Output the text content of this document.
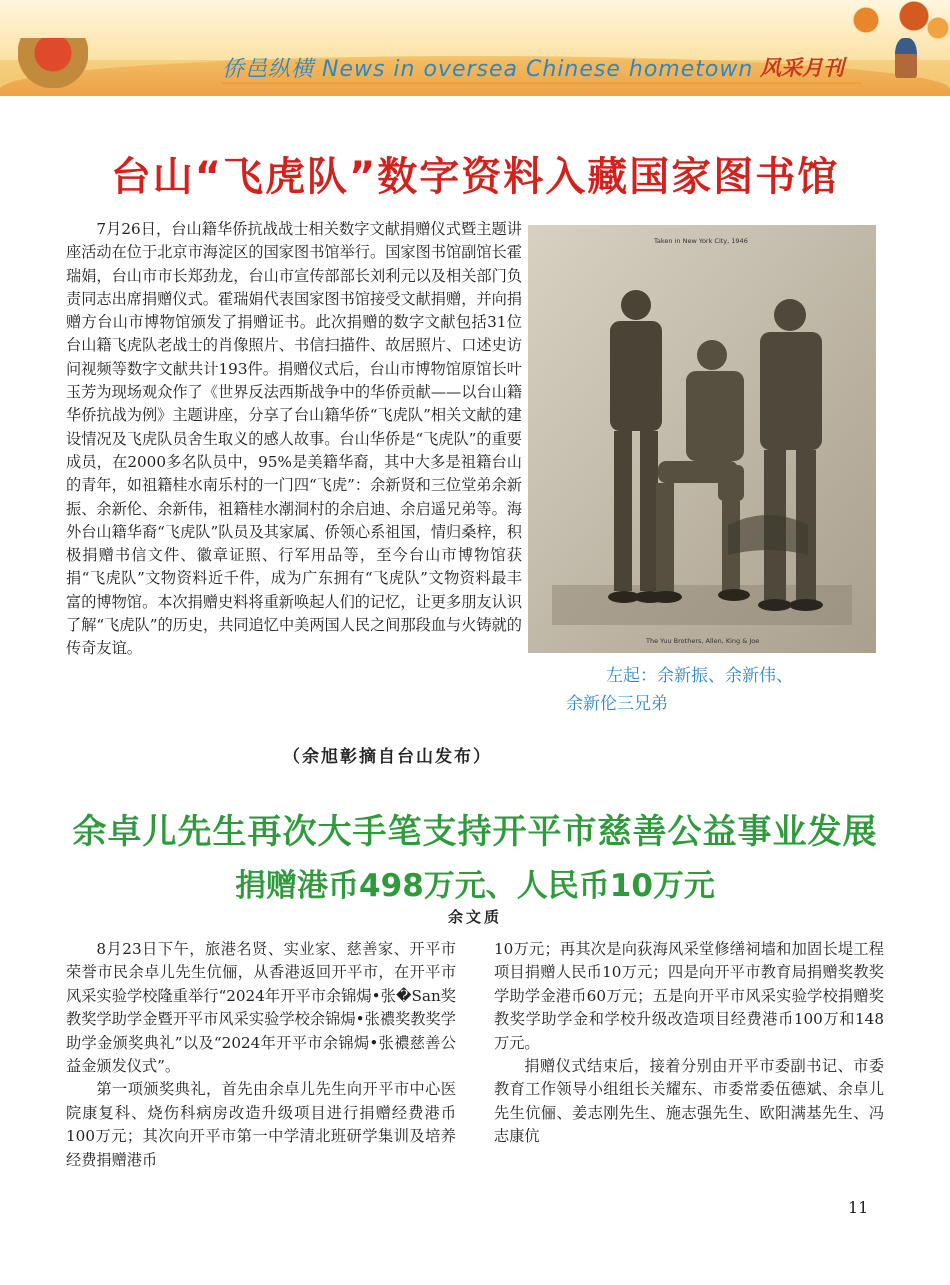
侨邑纵横 News in oversea Chinese hometown 风采月刊
台山“飞虎队”数字资料入藏国家图书馆

7月26日，台山籍华侨抗战战士相关数字文献捐赠仪式暨主题讲座活动在位于北京市海淀区的国家图书馆举行。国家图书馆副馆长霍瑞娟，台山市市长郑劲龙，台山市宣传部部长刘利元以及相关部门负责同志出席捐赠仪式。霍瑞娟代表国家图书馆接受文献捐赠，并向捐赠方台山市博物馆颁发了捐赠证书。此次捐赠的数字文献包括31位台山籍飞虎队老战士的肖像照片、书信扫描件、故居照片、口述史访问视频等数字文献共计193件。捐赠仪式后，台山市博物馆原馆长叶玉芳为现场观众作了《世界反法西斯战争中的华侨贡献——以台山籍华侨抗战为例》主题讲座，分享了台山籍华侨“飞虎队”相关文献的建设情况及飞虎队员舍生取义的感人故事。台山华侨是“飞虎队”的重要成员，在2000多名队员中，95%是美籍华裔，其中大多是祖籍台山的青年，如祖籍桂水南乐村的一门四“飞虎”：余新贤和三位堂弟余新振、余新伦、余新伟，祖籍桂水潮洞村的余启迪、余启遥兄弟等。海外台山籍华裔“飞虎队”队员及其家属、侨领心系祖国，情归桑梓，积极捐赠书信文件、徽章证照、行军用品等，至今台山市博物馆获捐“飞虎队”文物资料近千件，成为广东拥有“飞虎队”文物资料最丰富的博物馆。本次捐赠史料将重新唤起人们的记忆，让更多朋友认识了解“飞虎队”的历史，共同追忆中美两国人民之间那段血与火铸就的传奇友谊。

（余旭彰摘自台山发布）
Taken in New York City, 1946
The Yuu Brothers, Allen, King & Joe
左起：余新振、余新伟、
余新伦三兄弟
余卓儿先生再次大手笔支持开平市慈善公益事业发展
捐赠港币498万元、人民币10万元
余文质

8月23日下午，旅港名贤、实业家、慈善家、开平市荣誉市民余卓儿先生伉俪，从香港返回开平市，在开平市风采实验学校隆重举行“2024年开平市余锦焗•张�San奖教奖学助学金暨开平市风采实验学校余锦焗•张禯奖教奖学助学金颁奖典礼”以及“2024年开平市余锦焗•张禯慈善公益金颁发仪式”。

第一项颁奖典礼，首先由余卓儿先生向开平市中心医院康复科、烧伤科病房改造升级项目进行捐赠经费港币100万元；其次向开平市第一中学清北班研学集训及培养经费捐赠港币

10万元；再其次是向荻海风采堂修缮祠墙和加固长堤工程项目捐赠人民币10万元；四是向开平市教育局捐赠奖教奖学助学金港币60万元；五是向开平市风采实验学校捐赠奖教奖学助学金和学校升级改造项目经费港币100万和148万元。

捐赠仪式结束后，接着分别由开平市委副书记、市委教育工作领导小组组长关耀东、市委常委伍德斌、余卓儿先生伉俪、姜志刚先生、施志强先生、欧阳满基先生、冯志康伉

11
